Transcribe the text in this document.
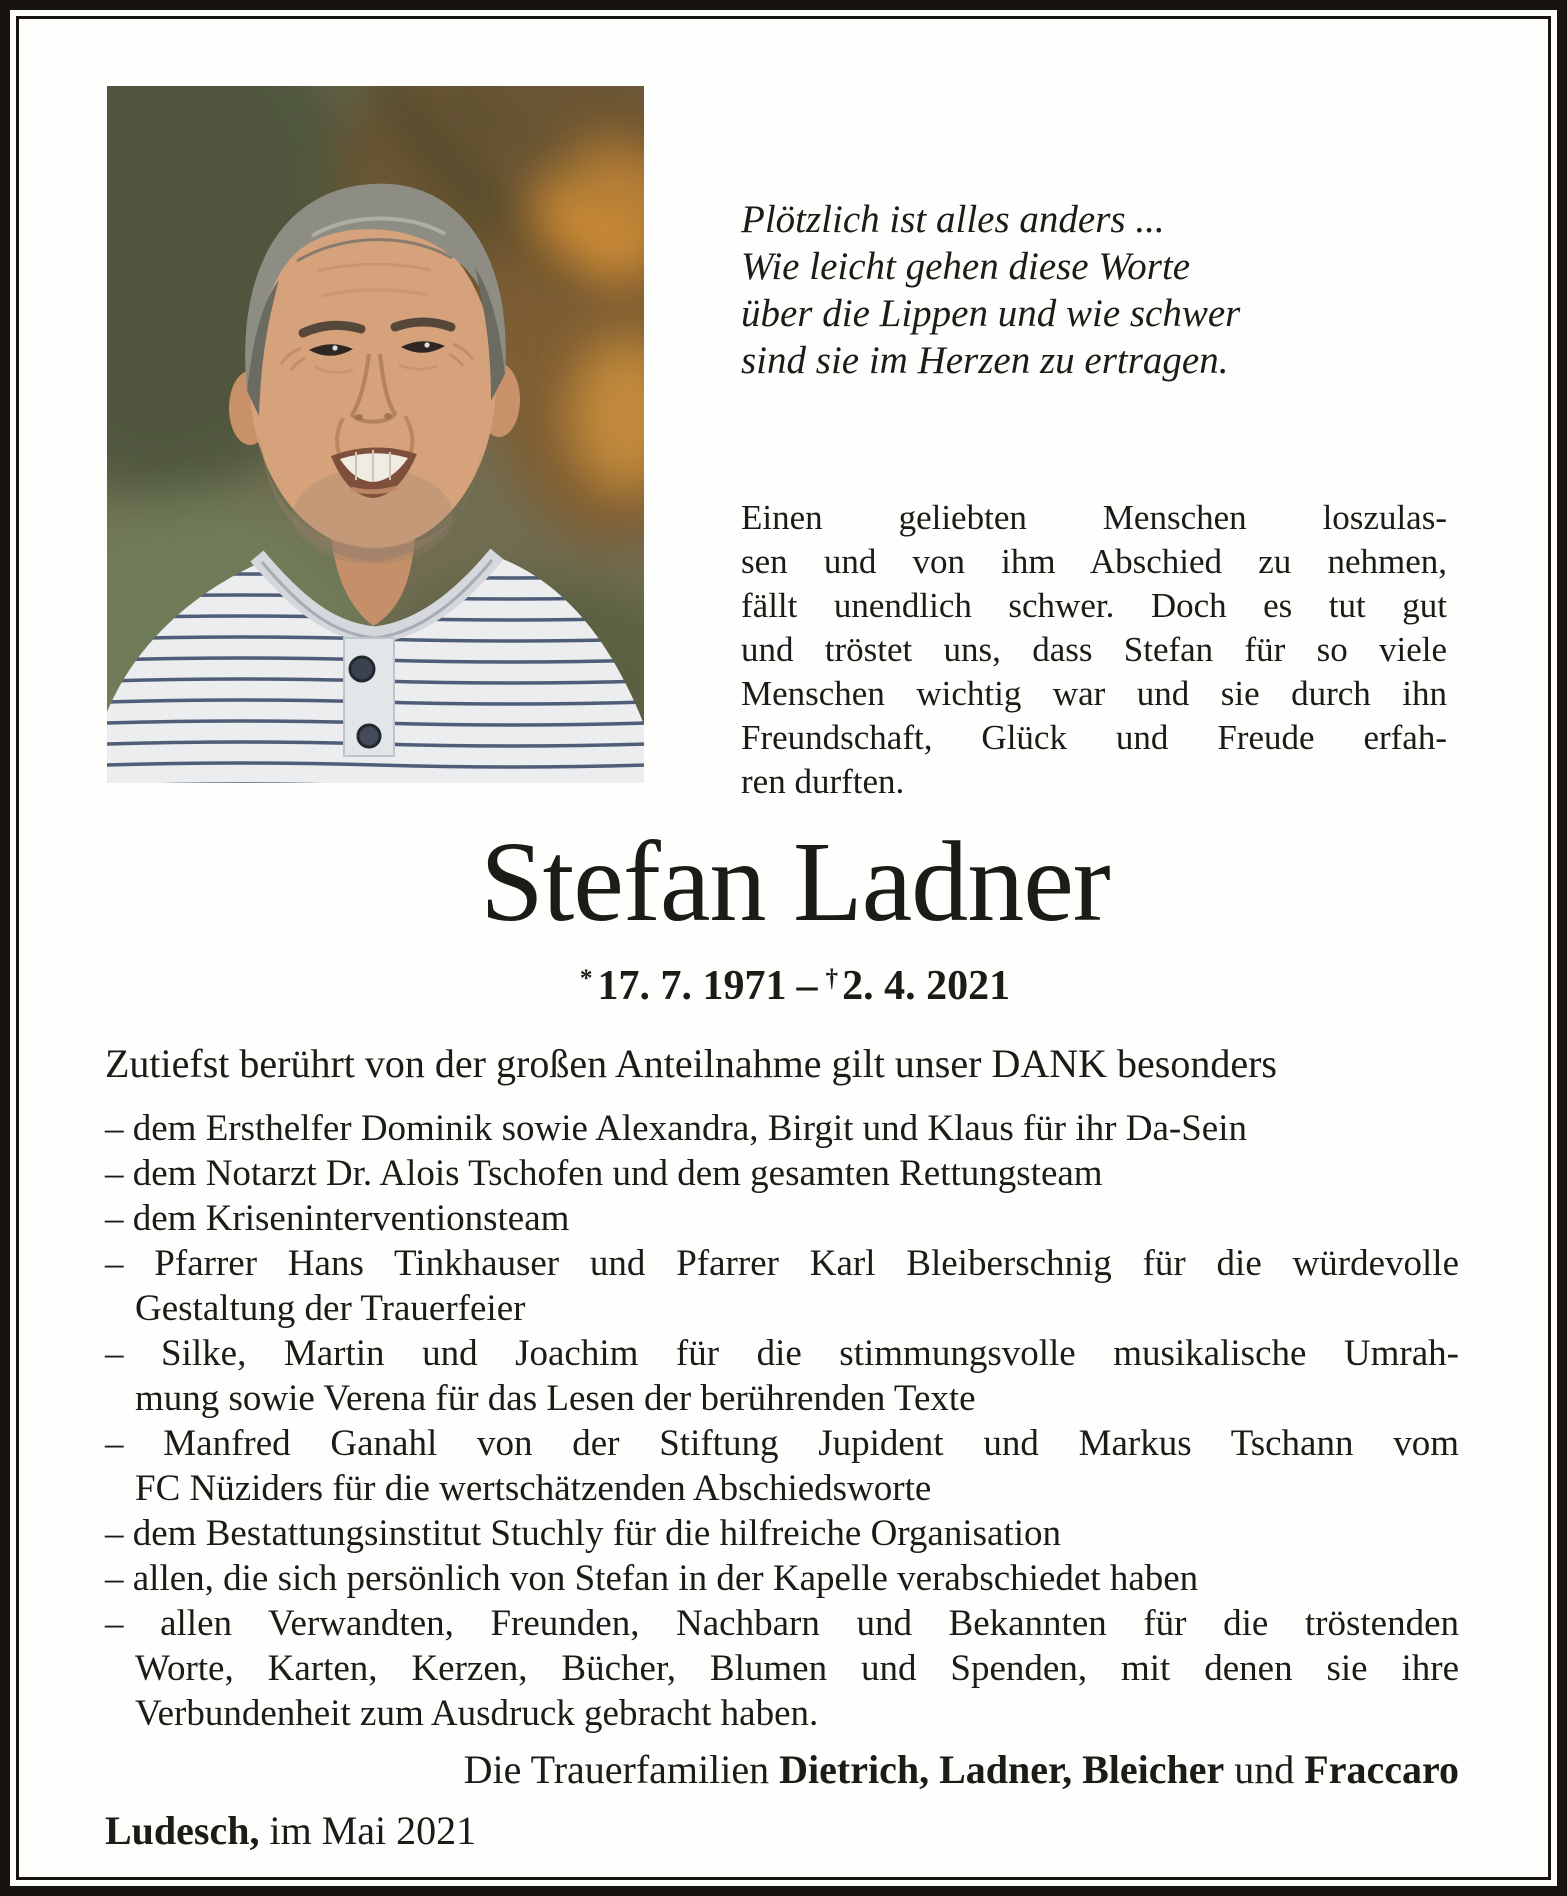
Plötzlich ist alles anders ...
Wie leicht gehen diese Worte
über die Lippen und wie schwer
sind sie im Herzen zu ertragen.
Einen geliebten Menschen loszulas-
sen und von ihm Abschied zu nehmen,
fällt unendlich schwer. Doch es tut gut
und tröstet uns, dass Stefan für so viele
Menschen wichtig war und sie durch ihn
Freundschaft, Glück und Freude erfah-
ren durften.
Stefan Ladner
* 17. 7. 1971 – †2. 4. 2021

Zutiefst berührt von der großen Anteilnahme gilt unser DANK besonders

– dem Ersthelfer Dominik sowie Alexandra, Birgit und Klaus für ihr Da-Sein
– dem Notarzt Dr. Alois Tschofen und dem gesamten Rettungsteam
– dem Kriseninterventionsteam
– Pfarrer Hans Tinkhauser und Pfarrer Karl Bleiberschnig für die würdevolle
Gestaltung der Trauerfeier
– Silke, Martin und Joachim für die stimmungsvolle musikalische Umrah-
mung sowie Verena für das Lesen der berührenden Texte
– Manfred Ganahl von der Stiftung Jupident und Markus Tschann vom
FC Nüziders für die wertschätzenden Abschiedsworte
– dem Bestattungsinstitut Stuchly für die hilfreiche Organisation
– allen, die sich persönlich von Stefan in der Kapelle verabschiedet haben
– allen Verwandten, Freunden, Nachbarn und Bekannten für die tröstenden
Worte, Karten, Kerzen, Bücher, Blumen und Spenden, mit denen sie ihre
Verbundenheit zum Ausdruck gebracht haben.

Die Trauerfamilien Dietrich, Ladner, Bleicher und Fraccaro

Ludesch, im Mai 2021
